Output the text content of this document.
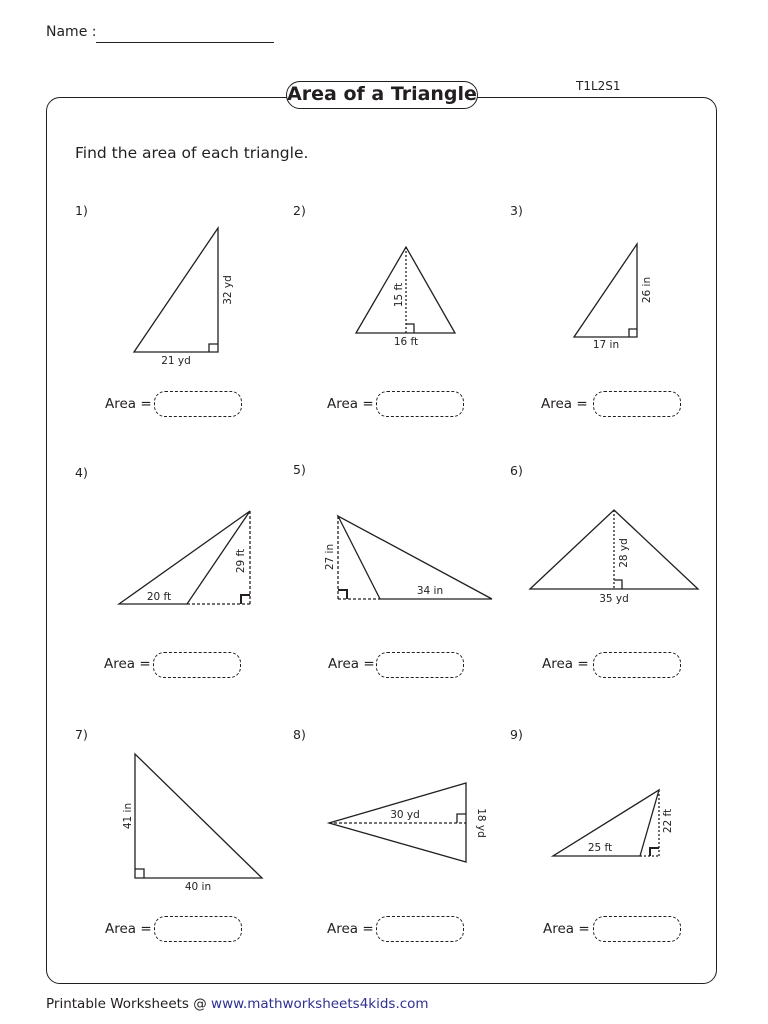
Name :
Area of a Triangle	T1L2S1
Find the area of each triangle.
1)	2)	3)
4)	5)	6)
7)	8)	9)
Area =	Area =	Area =
Area =	Area =	Area =
Area =	Area =	Area =
21 yd
32 yd
16 ft
15 ft
17 in
26 in
20 ft
29 ft
34 in
27 in
35 yd
28 yd
40 in
41 in	30 yd	18 yd
25 ft
22 ft
Printable Worksheets @ www.mathworksheets4kids.com
